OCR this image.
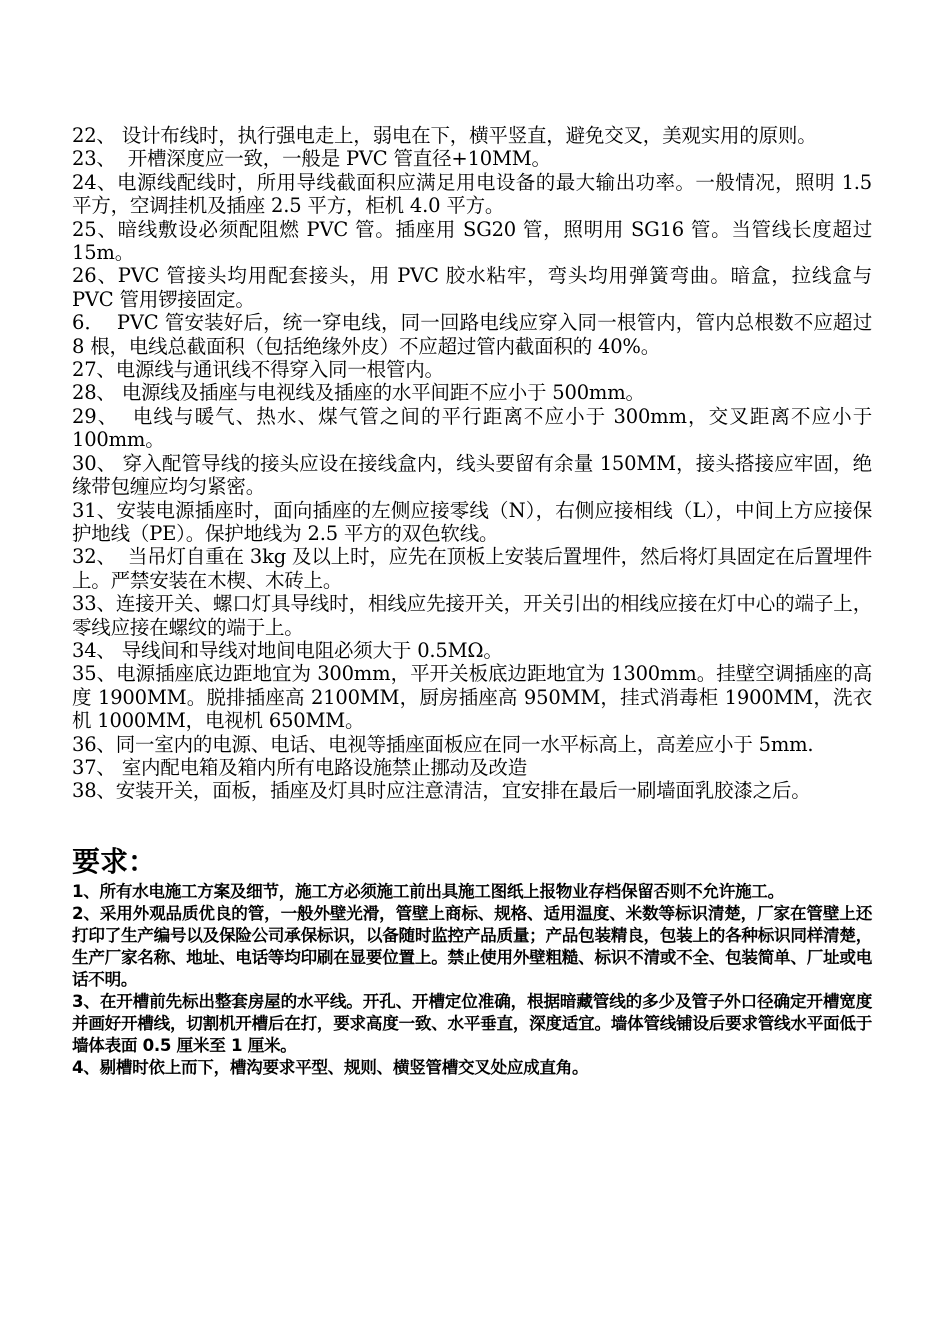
22、 设计布线时，执行强电走上，弱电在下，横平竖直，避免交叉，美观实用的原则。

23、  开槽深度应一致，一般是 PVC 管直径+10MM。

24、电源线配线时，所用导线截面积应满足用电设备的最大输出功率。一般情况，照明 1.5 平方，空调挂机及插座 2.5 平方，柜机 4.0 平方。

25、暗线敷设必须配阻燃 PVC 管。插座用 SG20 管，照明用 SG16 管。当管线长度超过 15m。

26、PVC 管接头均用配套接头，用 PVC 胶水粘牢，弯头均用弹簧弯曲。暗盒，拉线盒与 PVC 管用锣接固定。

6．  PVC 管安装好后，统一穿电线，同一回路电线应穿入同一根管内，管内总根数不应超过 8 根，电线总截面积（包括绝缘外皮）不应超过管内截面积的 40%。

27、电源线与通讯线不得穿入同一根管内。

28、 电源线及插座与电视线及插座的水平间距不应小于 500mm。

29、  电线与暖气、热水、煤气管之间的平行距离不应小于 300mm，交叉距离不应小于 100mm。

30、 穿入配管导线的接头应设在接线盒内，线头要留有余量 150MM，接头搭接应牢固，绝缘带包缠应均匀紧密。

31、安装电源插座时，面向插座的左侧应接零线（N），右侧应接相线（L），中间上方应接保护地线（PE）。保护地线为 2.5 平方的双色软线。

32、  当吊灯自重在 3kg 及以上时，应先在顶板上安装后置埋件，然后将灯具固定在后置埋件上。严禁安装在木楔、木砖上。

33、连接开关、螺口灯具导线时，相线应先接开关，开关引出的相线应接在灯中心的端子上，零线应接在螺纹的端于上。

34、 导线间和导线对地间电阻必须大于 0.5MΩ。

35、电源插座底边距地宜为 300mm，平开关板底边距地宜为 1300mm。挂壁空调插座的高度 1900MM。脱排插座高 2100MM，厨房插座高 950MM，挂式消毒柜 1900MM，洗衣机 1000MM，电视机 650MM。

36、同一室内的电源、电话、电视等插座面板应在同一水平标高上，高差应小于 5mm.

37、 室内配电箱及箱内所有电路设施禁止挪动及改造

38、安装开关，面板，插座及灯具时应注意清洁，宜安排在最后一刷墙面乳胶漆之后。

要求：

1、所有水电施工方案及细节，施工方必须施工前出具施工图纸上报物业存档保留否则不允许施工。

2、采用外观品质优良的管，一般外壁光滑，管壁上商标、规格、适用温度、米数等标识清楚，厂家在管壁上还打印了生产编号以及保险公司承保标识，以备随时监控产品质量；产品包装精良，包装上的各种标识同样清楚，生产厂家名称、地址、电话等均印刷在显要位置上。禁止使用外壁粗糙、标识不清或不全、包装简单、厂址或电话不明。

3、在开槽前先标出整套房屋的水平线。开孔、开槽定位准确，根据暗藏管线的多少及管子外口径确定开槽宽度并画好开槽线，切割机开槽后在打，要求高度一致、水平垂直，深度适宜。墙体管线铺设后要求管线水平面低于墙体表面 0.5 厘米至 1 厘米。

4、剔槽时依上而下，槽沟要求平型、规则、横竖管槽交叉处应成直角。
